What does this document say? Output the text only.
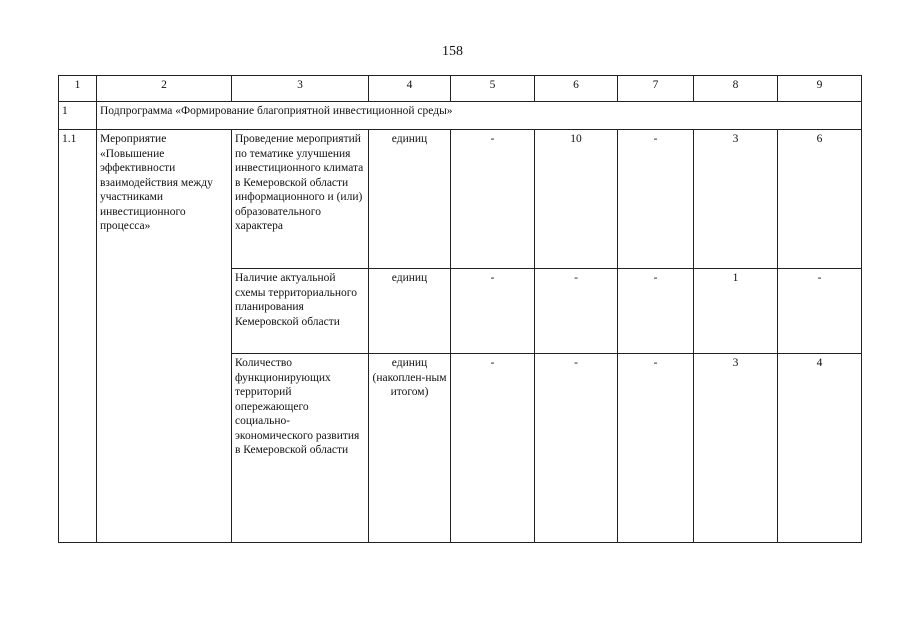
158
1	2	3	4	5	6	7	8	9
1	Подпрограмма «Формирование благоприятной инвестиционной среды»							
1.1	Мероприятие «Повышение эффективности взаимодействия между участниками инвестиционного процесса»	Проведение мероприятий по тематике улучшения инвестиционного климата в Кемеровской области информационного и (или) образовательного характера	единиц	-	10	-	3	6
		Наличие актуальной схемы территориального планирования Кемеровской области	единиц	-	-	-	1	-
		Количество функционирующих территорий опережающего социально-экономического развития в Кемеровской области	единиц (накоплен-ным итогом)	-	-	-	3	4
